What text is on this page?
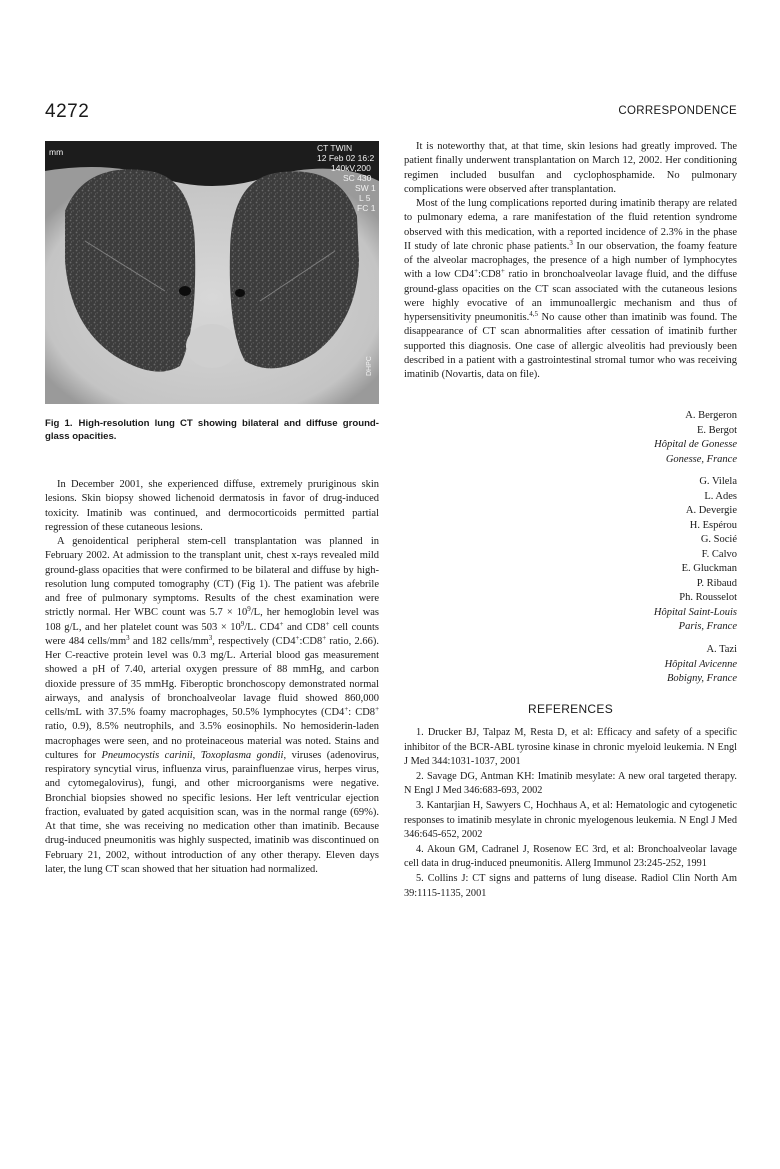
4272	CORRESPONDENCE
mm	CT TWIN
12 Feb 02 16:2
140kV,200
SC 430
SW 1
L 5
FC 1
DHPC
Fig 1. High-resolution lung CT showing bilateral and diffuse ground-glass opacities.

In December 2001, she experienced diffuse, extremely pruriginous skin lesions. Skin biopsy showed lichenoid dermatosis in favor of drug-induced toxicity. Imatinib was continued, and dermocorticoids permitted partial regression of these cutaneous lesions.

A genoidentical peripheral stem-cell transplantation was planned in February 2002. At admission to the transplant unit, chest x-rays revealed mild ground-glass opacities that were confirmed to be bilateral and diffuse by high-resolution lung computed tomography (CT) (Fig 1). The patient was afebrile and free of pulmonary symptoms. Results of the chest examination were strictly normal. Her WBC count was $5.7 \times 10^9/L$, her hemoglobin level was 108 g/L, and her platelet count was $503 \times 10^9/L$. CD4+ and CD8+ cell counts were 484 cells/$mm^3$ and 182 cells/$mm^3$, respectively (CD4+:CD8+ ratio, 2.66). Her C-reactive protein level was 0.3 mg/L. Arterial blood gas measurement showed a pH of 7.40, arterial oxygen pressure of 88 mmHg, and carbon dioxide pressure of 35 mmHg. Fiberoptic bronchoscopy demonstrated normal airways, and analysis of bronchoalveolar lavage fluid showed 860,000 cells/mL with 37.5% foamy macrophages, 50.5% lymphocytes (CD4+: CD8+ ratio, 0.9), 8.5% neutrophils, and 3.5% eosinophils. No hemosiderin-laden macrophages were seen, and no proteinaceous material was noted. Stains and cultures for Pneumocystis carinii, Toxoplasma gondii, viruses (adenovirus, respiratory syncytial virus, influenza virus, parainfluenzae virus, herpes virus, and cytomegalovirus), fungi, and other microorganisms were negative. Bronchial biopsies showed no specific lesions. Her left ventricular ejection fraction, evaluated by gated acquisition scan, was in the normal range (69%). At that time, she was receiving no medication other than imatinib. Because drug-induced pneumonitis was highly suspected, imatinib was discontinued on February 21, 2002, without introduction of any other therapy. Eleven days later, the lung CT scan showed that her situation had normalized.

It is noteworthy that, at that time, skin lesions had greatly improved. The patient finally underwent transplantation on March 12, 2002. Her conditioning regimen included busulfan and cyclophosphamide. No pulmonary complications were observed after transplantation.

Most of the lung complications reported during imatinib therapy are related to pulmonary edema, a rare manifestation of the fluid retention syndrome observed with this medication, with a reported incidence of 2.3% in the phase II study of late chronic phase patients.$^3$ In our observation, the foamy feature of the alveolar macrophages, the presence of a high number of lymphocytes with a low CD4+:CD8+ ratio in bronchoalveolar lavage fluid, and the diffuse ground-glass opacities on the CT scan associated with the cutaneous lesions were highly evocative of an immunoallergic mechanism and thus of hypersensitivity pneumonitis.$^{4,5}$ No cause other than imatinib was found. The disappearance of CT scan abnormalities after cessation of imatinib further supported this diagnosis. One case of allergic alveolitis had previously been described in a patient with a gastrointestinal stromal tumor who was receiving imatinib (Novartis, data on file).

A. Bergeron
E. Bergot
Hôpital de Gonesse
Gonesse, France
G. Vilela
L. Ades
A. Devergie
H. Espérou
G. Socié
F. Calvo
E. Gluckman
P. Ribaud
Ph. Rousselot
Hôpital Saint-Louis
Paris, France
A. Tazi
Hôpital Avicenne
Bobigny, France
REFERENCES

1. Drucker BJ, Talpaz M, Resta D, et al: Efficacy and safety of a specific inhibitor of the BCR-ABL tyrosine kinase in chronic myeloid leukemia. N Engl J Med 344:1031-1037, 2001

2. Savage DG, Antman KH: Imatinib mesylate: A new oral targeted therapy. N Engl J Med 346:683-693, 2002

3. Kantarjian H, Sawyers C, Hochhaus A, et al: Hematologic and cytogenetic responses to imatinib mesylate in chronic myelogenous leukemia. N Engl J Med 346:645-652, 2002

4. Akoun GM, Cadranel J, Rosenow EC 3rd, et al: Bronchoalveolar lavage cell data in drug-induced pneumonitis. Allerg Immunol 23:245-252, 1991

5. Collins J: CT signs and patterns of lung disease. Radiol Clin North Am 39:1115-1135, 2001
